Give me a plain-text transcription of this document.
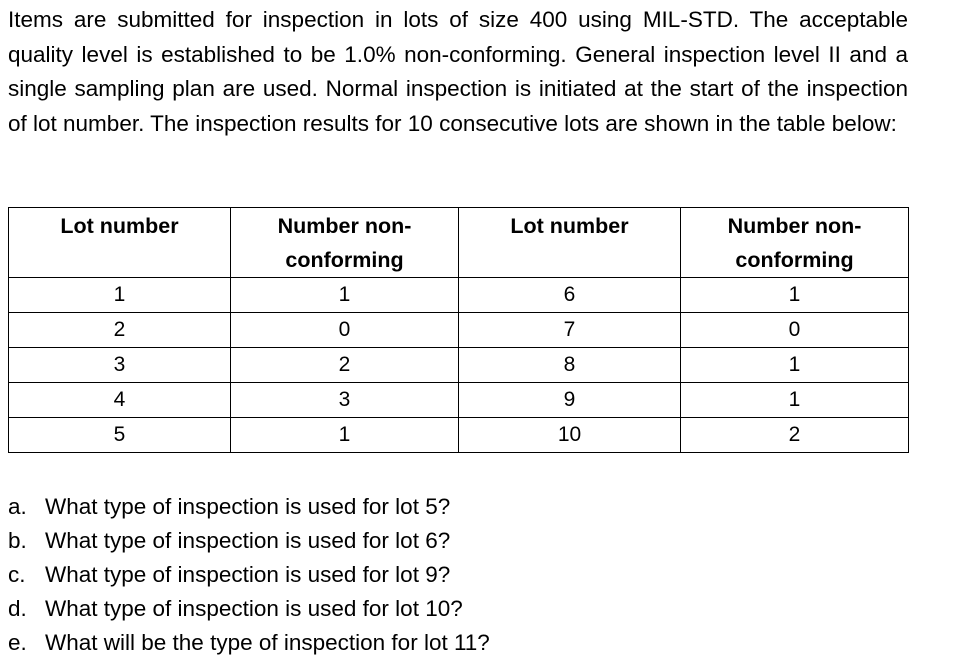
Items are submitted for inspection in lots of size 400 using MIL-STD. The acceptable quality level is established to be 1.0% non-conforming. General inspection level II and a single sampling plan are used. Normal inspection is initiated at the start of the inspection of lot number. The inspection results for 10 consecutive lots are shown in the table below:

Lot number	Number non-conforming	Lot number	Number non-conforming
1	1	6	1
2	0	7	0
3	2	8	1
4	3	9	1
5	1	10	2
a. What type of inspection is used for lot 5?
b. What type of inspection is used for lot 6?
c. What type of inspection is used for lot 9?
d. What type of inspection is used for lot 10?
e. What will be the type of inspection for lot 11?
